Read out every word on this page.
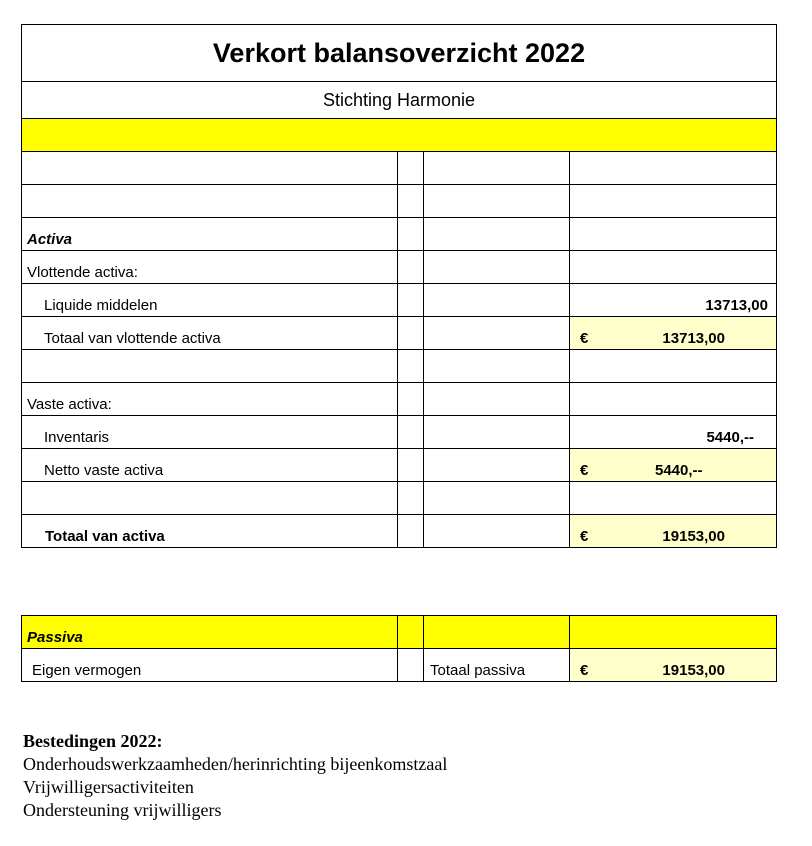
Verkort balansoverzicht 2022			
Stichting Harmonie			

Activa			
Vlottende activa:			
Liquide middelen			13713,00
Totaal van vlottende activa			€ 13713,00

Vaste activa:			
Inventaris			5440,--
Netto vaste activa			€ 5440,--

Totaal van activa			€ 19153,00
Passiva			
Eigen vermogen		Totaal passiva	€ 19153,00
Bestedingen 2022:
Onderhoudswerkzaamheden/herinrichting bijeenkomstzaal
Vrijwilligersactiviteiten
Ondersteuning vrijwilligers
